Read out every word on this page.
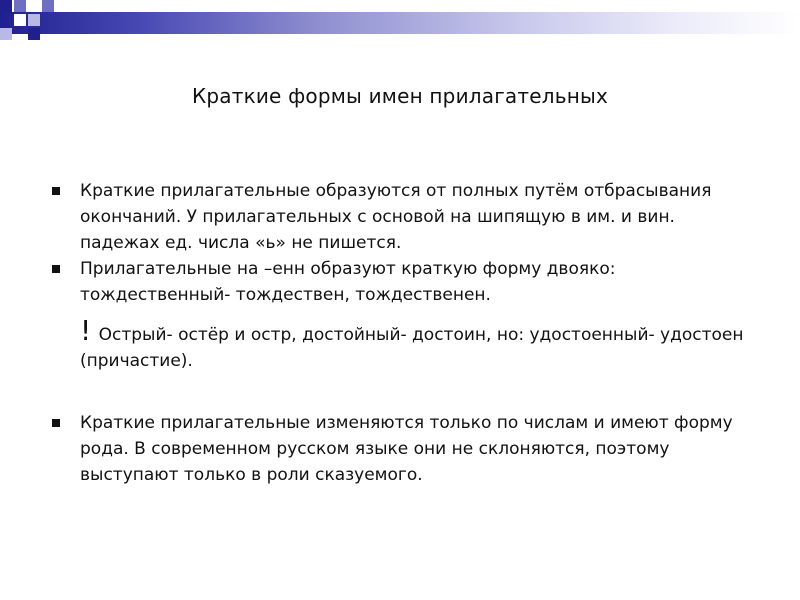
Краткие формы имен прилагательных
Краткие прилагательные образуются от полных путём отбрасывания окончаний. У прилагательных с основой на шипящую в им. и вин. падежах ед. числа «ь» не пишется.
Прилагательные на –енн образуют краткую форму двояко: тождественный- тождествен, тождественен.
! Острый- остёр и остр, достойный- достоин, но: удостоенный- удостоен (причастие).
Краткие прилагательные изменяются только по числам и имеют форму рода. В современном русском языке они не склоняются, поэтому выступают только в роли сказуемого.
